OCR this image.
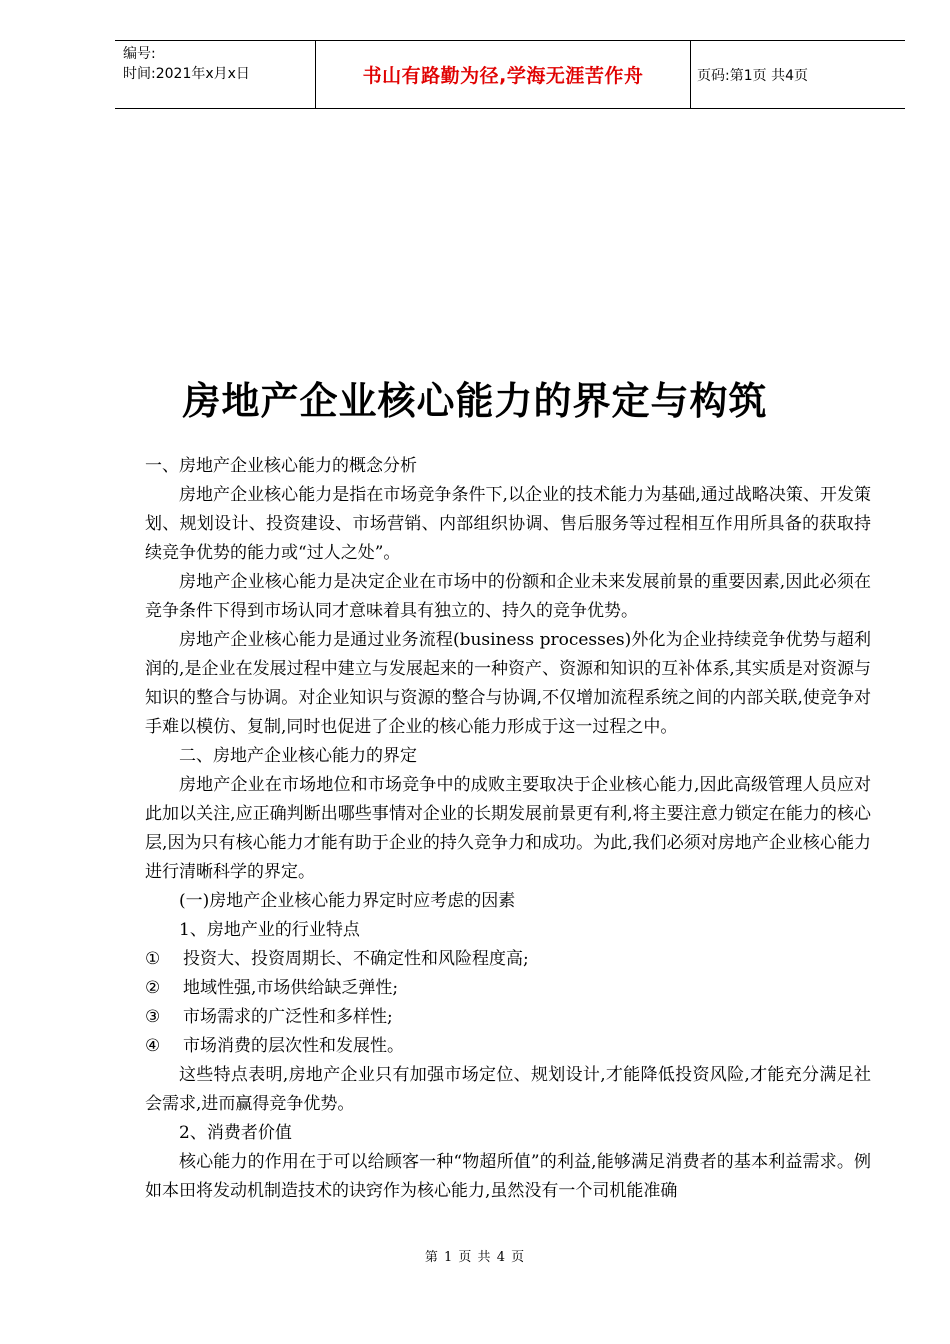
编号:
时间:2021年x月x日	书山有路勤为径,学海无涯苦作舟	页码:第1页 共4页
房地产企业核心能力的界定与构筑

一、房地产企业核心能力的概念分析

房地产企业核心能力是指在市场竞争条件下,以企业的技术能力为基础,通过战略决策、开发策划、规划设计、投资建设、市场营销、内部组织协调、售后服务等过程相互作用所具备的获取持续竞争优势的能力或“过人之处”。

房地产企业核心能力是决定企业在市场中的份额和企业未来发展前景的重要因素,因此必须在竞争条件下得到市场认同才意味着具有独立的、持久的竞争优势。

房地产企业核心能力是通过业务流程(business processes)外化为企业持续竞争优势与超利润的,是企业在发展过程中建立与发展起来的一种资产、资源和知识的互补体系,其实质是对资源与知识的整合与协调。对企业知识与资源的整合与协调,不仅增加流程系统之间的内部关联,使竞争对手难以模仿、复制,同时也促进了企业的核心能力形成于这一过程之中。

二、房地产企业核心能力的界定

房地产企业在市场地位和市场竞争中的成败主要取决于企业核心能力,因此高级管理人员应对此加以关注,应正确判断出哪些事情对企业的长期发展前景更有利,将主要注意力锁定在能力的核心层,因为只有核心能力才能有助于企业的持久竞争力和成功。为此,我们必须对房地产企业核心能力进行清晰科学的界定。

(一)房地产企业核心能力界定时应考虑的因素

1、房地产业的行业特点

① 投资大、投资周期长、不确定性和风险程度高;

② 地域性强,市场供给缺乏弹性;

③ 市场需求的广泛性和多样性;

④ 市场消费的层次性和发展性。

这些特点表明,房地产企业只有加强市场定位、规划设计,才能降低投资风险,才能充分满足社会需求,进而赢得竞争优势。

2、消费者价值

核心能力的作用在于可以给顾客一种“物超所值”的利益,能够满足消费者的基本利益需求。例如本田将发动机制造技术的诀窍作为核心能力,虽然没有一个司机能准确

第 1 页 共 4 页
